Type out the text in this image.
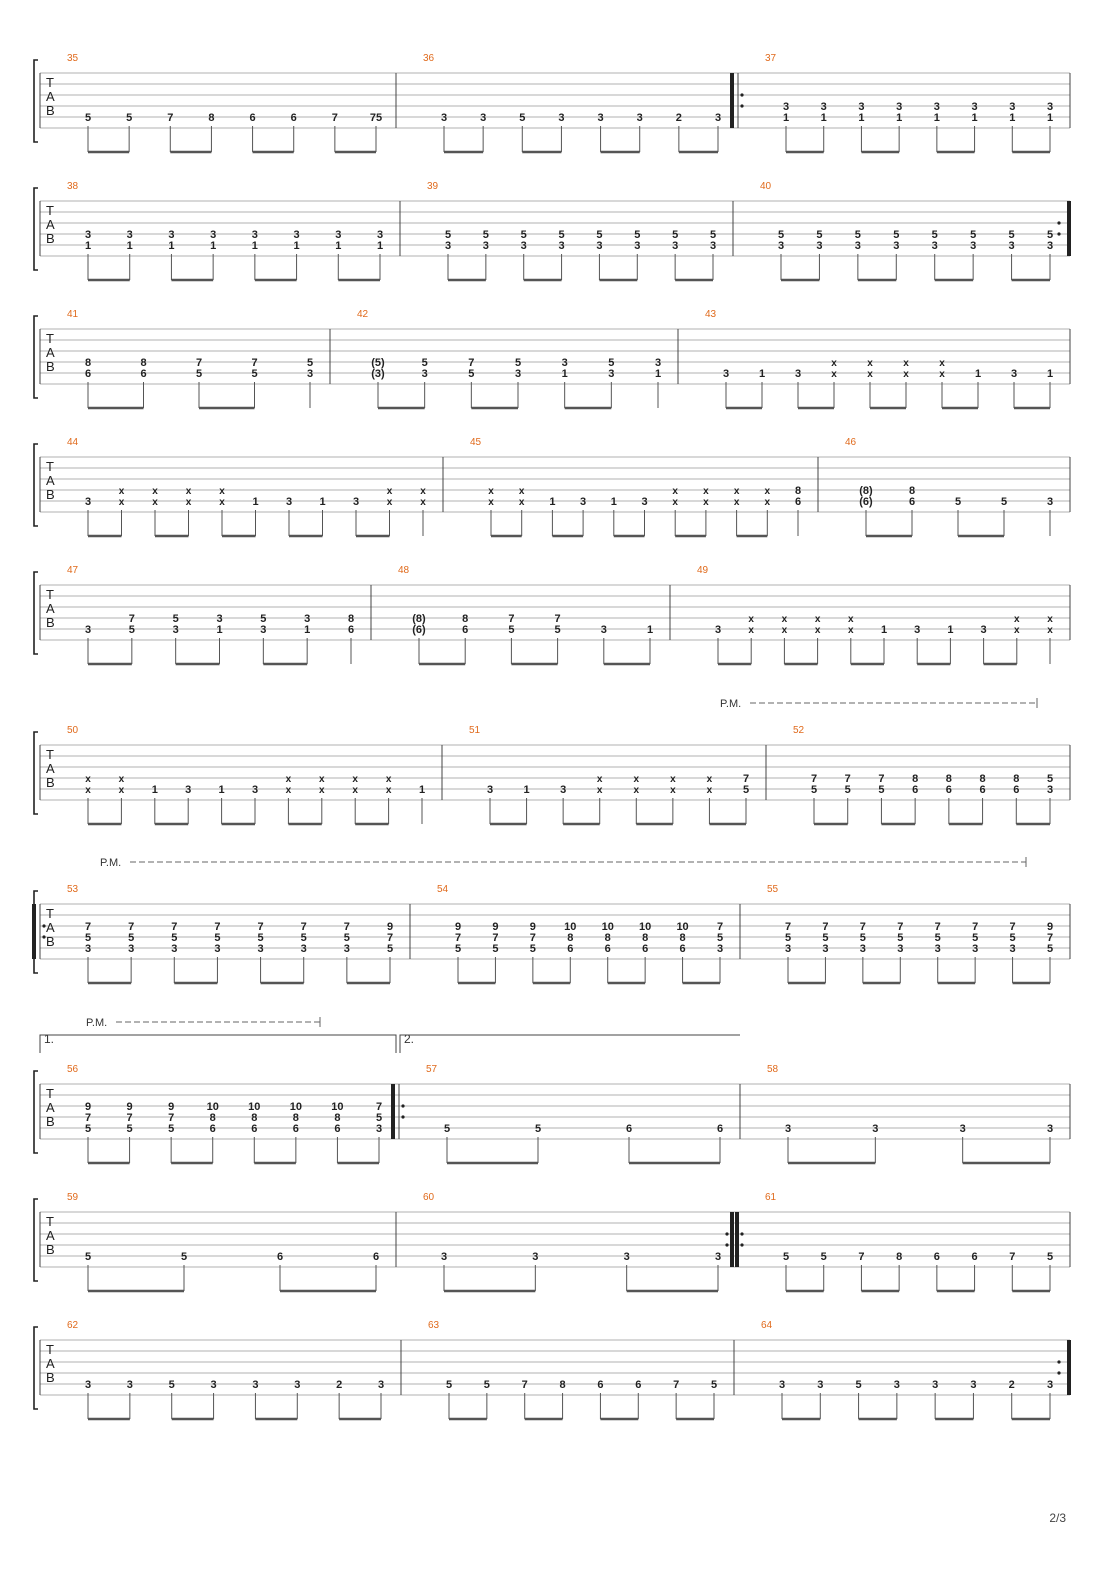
T
A
B
35
5	5	7	8	6	6	7	75
36
3	3	5	3	3	3	2	3
37
3
1
3
1
3
1
3
1
3
1
3
1
3
1
3
1
T
A
B
38
3
1
3
1
3
1
3
1
3
1
3
1
3
1
3
1
39
5
3
5
3
5
3
5
3
5
3
5
3
5
3
5
3
40
5
3
5
3
5
3
5
3
5
3
5
3
5
3
5
3
T
A
B
41
8
6
8
6
7
5
7
5
5
3
42
(5)
(3)
5
3
7
5
5
3
3
1
5
3
3
1
43
3	1	3
x
x
x
x
x
x
x
x	1	3	1
T
A
B
44
3
x
x
x
x
x
x
x
x	1 3 1 3
x
x
x
x
45
x
x
x
x 1 3 1 3
x
x
x
x
x
x
x
x
8
6
46
(8)
(6)
8
6	5	5	3
T
A
B
47
3
7
5
5
3
3
1
5
3
3
1
8
6
48
(8)
(6)
8
6
7
5
7
5	3	1
49
3
x
x
x
x
x
x
x
x 1 3 1 3
x
x
x
x
T
A
B
50
x
x
x
x	1 3 1 3
x
x
x
x
x
x
x
x	1
51
3	1	3
x
x
x
x
x
x
x
x
7
5
52
7
5
7
5
7
5
8
6
8
6
8
6
8
6
5
3
T
A
B
53
7
5
3
7
5
3
7
5
3
7
5
3
7
5
3
7
5
3
7
5
3
9
7
5
54
9
7
5
9
7
5
9
7
5
10
8
6
10
8
6
10
8
6
10
8
6
7
5
3
55
7
5
3
7
5
3
7
5
3
7
5
3
7
5
3
7
5
3
7
5
3
9
7
5
T
A
B
56
9
7
5
9
7
5
9
7
5
10
8
6
10
8
6
10
8
6
10
8
6
7
5
3
57
5	5	6	6
58
3	3	3	3
T
A
B
59
5	5	6	6
60
3	3	3	3
61
5	5	7	8	6	6	7	5
T
A
B
62
3	3	5	3	3	3	2	3
63
5	5	7	8	6	6	7	5
64
3	3	5	3	3	3	2	3
P.M.
P.M.
P.M.
1.	2.
2/3
